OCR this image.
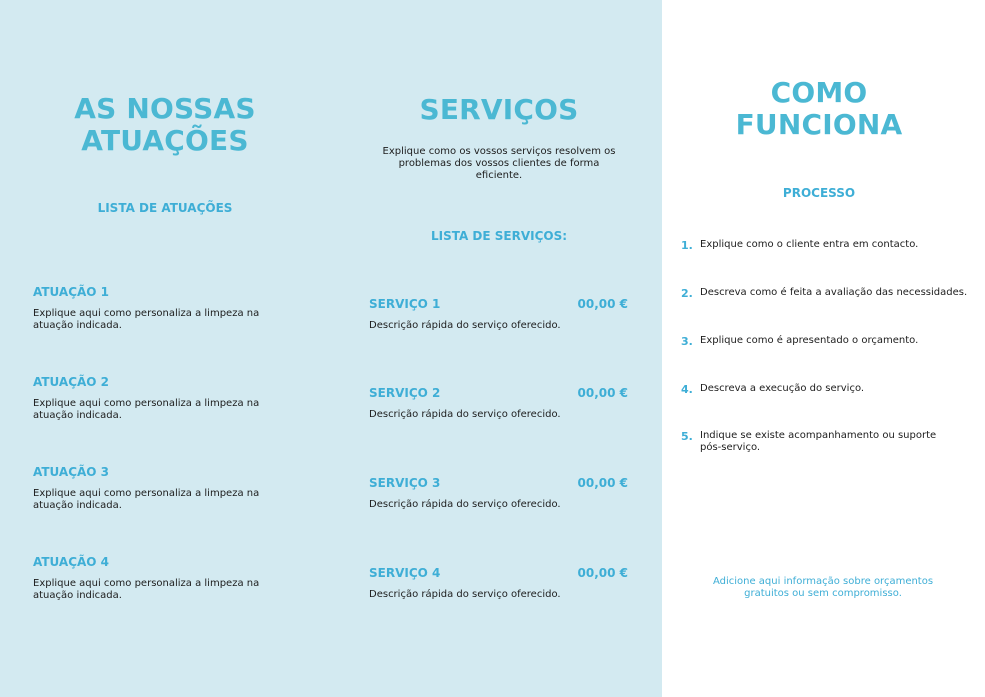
AS NOSSAS
ATUAÇÕES
LISTA DE ATUAÇÕES
ATUAÇÃO 1
Explique aqui como personaliza a limpeza na atuação indicada.
ATUAÇÃO 2
Explique aqui como personaliza a limpeza na atuação indicada.
ATUAÇÃO 3
Explique aqui como personaliza a limpeza na atuação indicada.
ATUAÇÃO 4
Explique aqui como personaliza a limpeza na atuação indicada.
SERVIÇOS
Explique como os vossos serviços resolvem os problemas dos vossos clientes de forma eficiente.
LISTA DE SERVIÇOS:
SERVIÇO 1	00,00 €
Descrição rápida do serviço oferecido.
SERVIÇO 2	00,00 €
Descrição rápida do serviço oferecido.
SERVIÇO 3	00,00 €
Descrição rápida do serviço oferecido.
SERVIÇO 4	00,00 €
Descrição rápida do serviço oferecido.
COMO
FUNCIONA
PROCESSO
1. Explique como o cliente entra em contacto.
2. Descreva como é feita a avaliação das necessidades.
3. Explique como é apresentado o orçamento.
4. Descreva a execução do serviço.
5. Indique se existe acompanhamento ou suporte pós-serviço.
Adicione aqui informação sobre orçamentos gratuitos ou sem compromisso.
